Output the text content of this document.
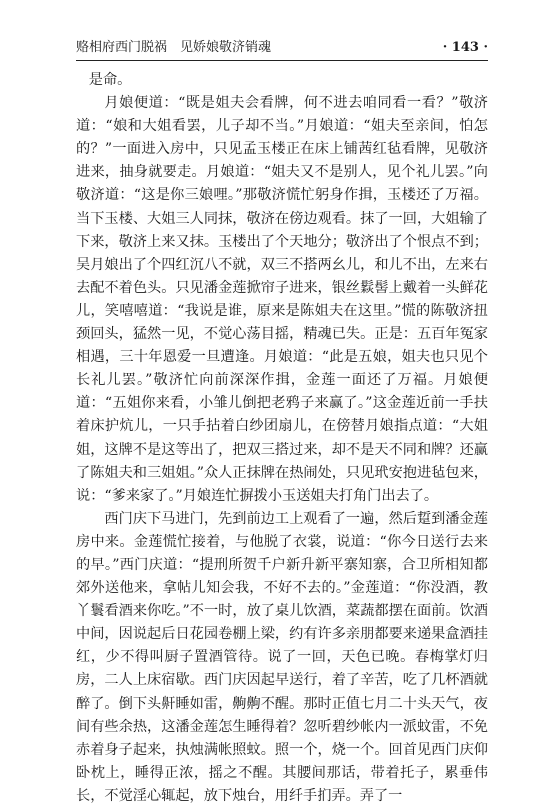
赂相府西门脱祸　见娇娘敬济销魂	· 143 ·

是命。

月娘便道：“既是姐夫会看牌，何不进去咱同看一看？”敬济道：“娘和大姐看罢，儿子却不当。”月娘道：“姐夫至亲间，怕怎的？”一面进入房中，只见孟玉楼正在床上铺茜红毡看牌，见敬济进来，抽身就要走。月娘道：“姐夫又不是别人，见个礼儿罢。”向敬济道：“这是你三娘哩。”那敬济慌忙躬身作揖，玉楼还了万福。当下玉楼、大姐三人同抹，敬济在傍边观看。抹了一回，大姐输了下来，敬济上来又抹。玉楼出了个天地分；敬济出了个恨点不到；吴月娘出了个四红沉八不就，双三不搭两幺儿，和儿不出，左来右去配不着色头。只见潘金莲掀帘子进来，银丝鬏髻上戴着一头鲜花儿，笑嘻嘻道：“我说是谁，原来是陈姐夫在这里。”慌的陈敬济扭颈回头，猛然一见，不觉心荡目摇，精魂已失。正是：五百年冤家相遇，三十年恩爱一旦遭逢。月娘道：“此是五娘，姐夫也只见个长礼儿罢。”敬济忙向前深深作揖，金莲一面还了万福。月娘便道：“五姐你来看，小雏儿倒把老鸦子来赢了。”这金莲近前一手扶着床护炕儿，一只手拈着白纱团扇儿，在傍替月娘指点道：“大姐姐，这牌不是这等出了，把双三搭过来，却不是天不同和牌？还赢了陈姐夫和三姐姐。”众人正抹牌在热闹处，只见玳安抱进毡包来，说：“爹来家了。”月娘连忙摒拨小玉送姐夫打角门出去了。

西门庆下马进门，先到前边工上观看了一遍，然后踅到潘金莲房中来。金莲慌忙接着，与他脱了衣裳，说道：“你今日送行去来的早。”西门庆道：“提刑所贺千户新升新平寨知寨，合卫所相知都郊外送他来，拿帖儿知会我，不好不去的。”金莲道：“你没酒，教丫鬟看酒来你吃。”不一时，放了桌儿饮酒，菜蔬都摆在面前。饮酒中间，因说起后日花园卷棚上梁，约有许多亲朋都要来递果盒酒挂红，少不得叫厨子置酒管待。说了一回，天色已晚。春梅掌灯归房，二人上床宿歇。西门庆因起早送行，着了辛苦，吃了几杯酒就醉了。倒下头鼾睡如雷，齁齁不醒。那时正值七月二十头天气，夜间有些余热，这潘金莲怎生睡得着？忽听碧纱帐内一派蚊雷，不免赤着身子起来，执烛满帐照蚊。照一个，烧一个。回首见西门庆仰卧枕上，睡得正浓，摇之不醒。其腰间那话，带着托子，累垂伟长，不觉淫心辄起，放下烛台，用纤手扪弄。弄了一
